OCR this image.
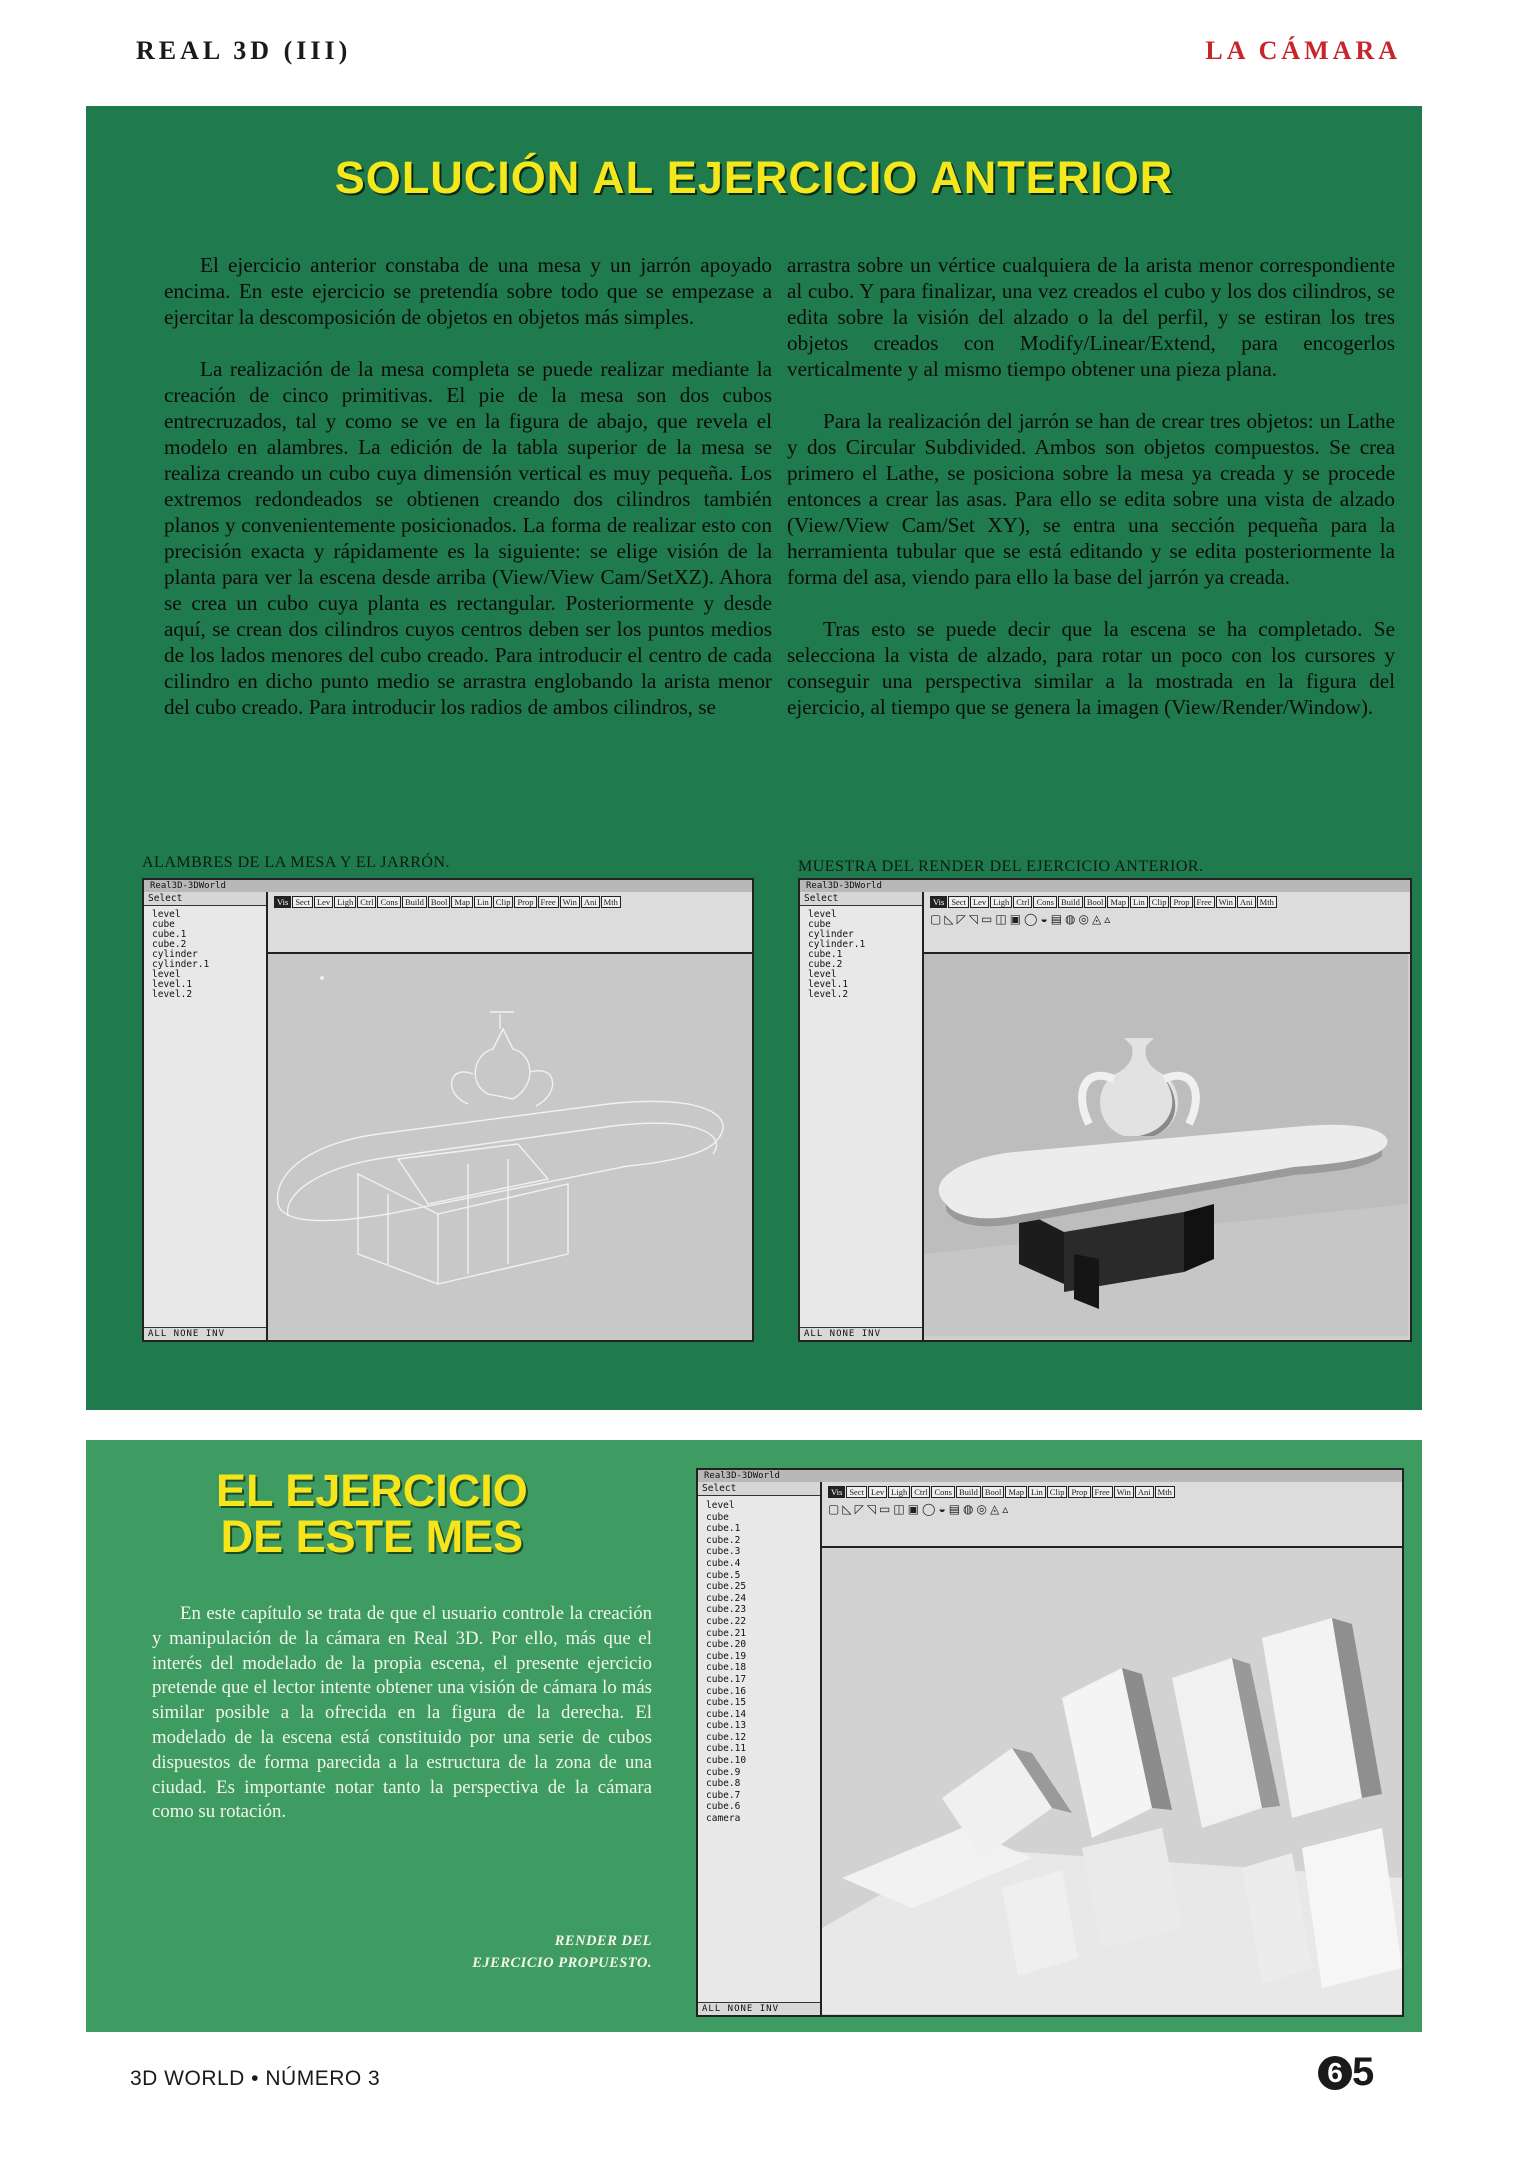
REAL 3D (III)	LA CÁMARA
SOLUCIÓN AL EJERCICIO ANTERIOR

El ejercicio anterior constaba de una mesa y un jarrón apoyado encima. En este ejercicio se pretendía sobre todo que se empezase a ejercitar la descomposición de objetos en objetos más simples.

La realización de la mesa completa se puede realizar mediante la creación de cinco primitivas. El pie de la mesa son dos cubos entrecruzados, tal y como se ve en la figura de abajo, que revela el modelo en alambres. La edición de la tabla superior de la mesa se realiza creando un cubo cuya dimensión vertical es muy pequeña. Los extremos redondeados se obtienen creando dos cilindros también planos y convenientemente posicionados. La forma de realizar esto con precisión exacta y rápidamente es la siguiente: se elige visión de la planta para ver la escena desde arriba (View/View Cam/SetXZ). Ahora se crea un cubo cuya planta es rectangular. Posteriormente y desde aquí, se crean dos cilindros cuyos centros deben ser los puntos medios de los lados menores del cubo creado. Para introducir el centro de cada cilindro en dicho punto medio se arrastra englobando la arista menor del cubo creado. Para introducir los radios de ambos cilindros, se

arrastra sobre un vértice cualquiera de la arista menor correspondiente al cubo. Y para finalizar, una vez creados el cubo y los dos cilindros, se edita sobre la visión del alzado o la del perfil, y se estiran los tres objetos creados con Modify/Linear/Extend, para encogerlos verticalmente y al mismo tiempo obtener una pieza plana.

Para la realización del jarrón se han de crear tres objetos: un Lathe y dos Circular Subdivided. Ambos son objetos compuestos. Se crea primero el Lathe, se posiciona sobre la mesa ya creada y se procede entonces a crear las asas. Para ello se edita sobre una vista de alzado (View/View Cam/Set XY), se entra una sección pequeña para la herramienta tubular que se está editando y se edita posteriormente la forma del asa, viendo para ello la base del jarrón ya creada.

Tras esto se puede decir que la escena se ha completado. Se selecciona la vista de alzado, para rotar un poco con los cursores y conseguir una perspectiva similar a la mostrada en la figura del ejercicio, al tiempo que se genera la imagen (View/Render/Window).

ALAMBRES DE LA MESA Y EL JARRÓN.	MUESTRA DEL RENDER DEL EJERCICIO ANTERIOR.
Real3D-3DWorld
Select
level
cube
cube.1
cube.2
cylinder
cylinder.1
level
level.1
level.2
ALL NONE INV
Vis Sect Lev Ligh Ctrl Cons Build Bool Map Lin Clip Prop Free Win Ani Mth
Real3D-3DWorld
Select
level
cube
cylinder
cylinder.1
cube.1
cube.2
level
level.1
level.2
ALL NONE INV
Vis Sect Lev Ligh Ctrl Cons Build Bool Map Lin Clip Prop Free Win Ani Mth
▢◺◸◹▭◫▣◯◒▤◍◎◬▵
EL EJERCICIO
DE ESTE MES

En este capítulo se trata de que el usuario controle la creación y manipulación de la cámara en Real 3D. Por ello, más que el interés del modelado de la propia escena, el presente ejercicio pretende que el lector intente obtener una visión de cámara lo más similar posible a la ofrecida en la figura de la derecha. El modelado de la escena está constituido por una serie de cubos dispuestos de forma parecida a la estructura de la zona de una ciudad. Es importante notar tanto la perspectiva de la cámara como su rotación.

RENDER DEL
EJERCICIO PROPUESTO.
Real3D-3DWorld
Select
level
cube
cube.1
cube.2
cube.3
cube.4
cube.5
cube.25
cube.24
cube.23
cube.22
cube.21
cube.20
cube.19
cube.18
cube.17
cube.16
cube.15
cube.14
cube.13
cube.12
cube.11
cube.10
cube.9
cube.8
cube.7
cube.6
camera
ALL NONE INV
Vis Sect Lev Ligh Ctrl Cons Build Bool Map Lin Clip Prop Free Win Ani Mth
▢◺◸◹▭◫▣◯◒▤◍◎◬▵
3D WORLD • NÚMERO 3	6 5
